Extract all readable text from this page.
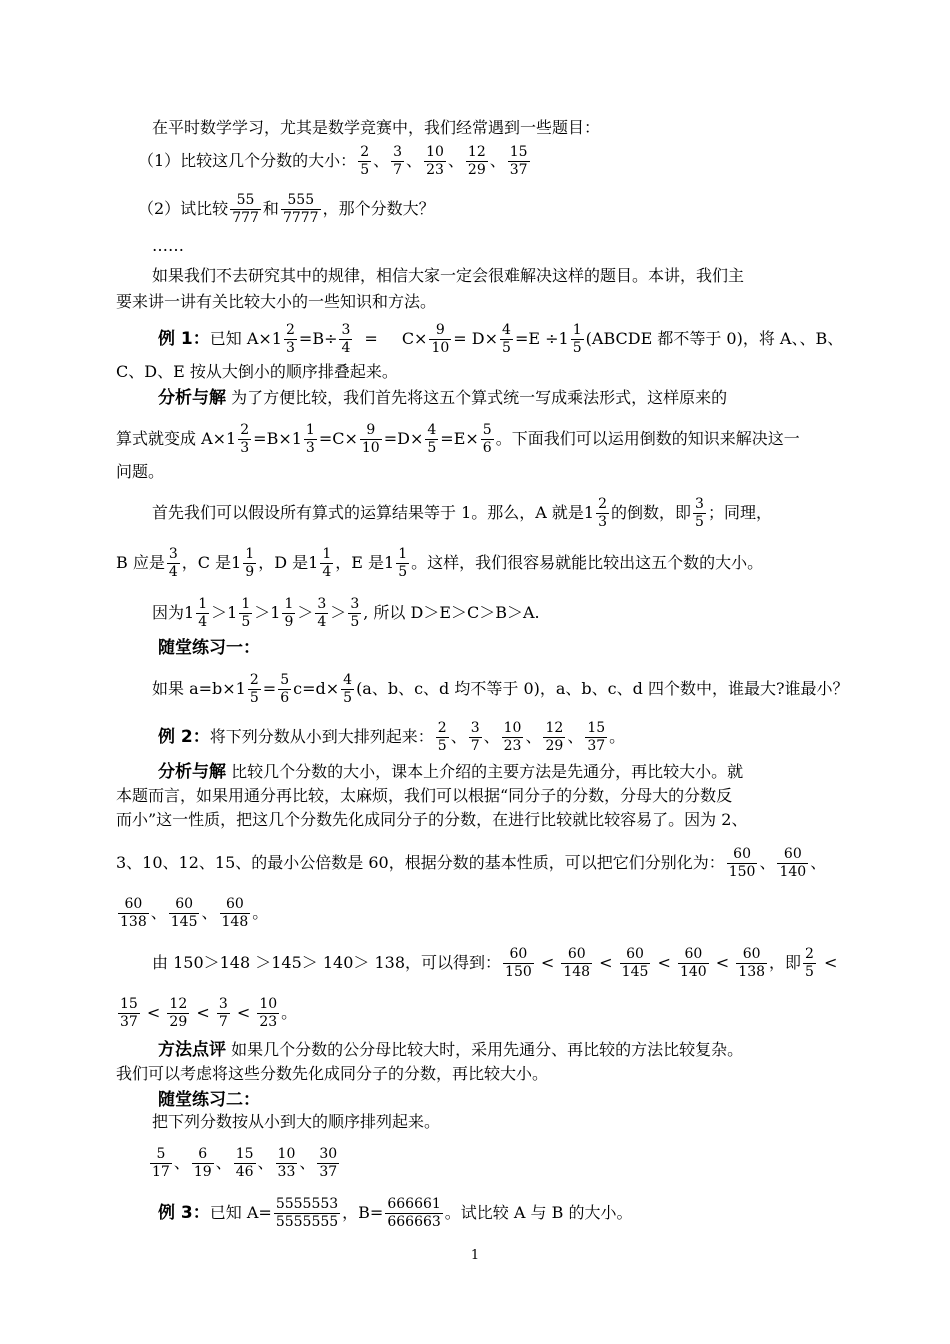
在平时数学学习，尤其是数学竞赛中，我们经常遇到一些题目：
（1）比较这几个分数的大小： $\frac{2}{5}$ 、 $\frac{3}{7}$ 、 $\frac{10}{23}$ 、 $\frac{12}{29}$ 、 $\frac{15}{37}$
（2）试比较 $\frac{55}{777}$ 和 $\frac{555}{7777}$ ，那个分数大？
……
如果我们不去研究其中的规律，相信大家一定会很难解决这样的题目。本讲，我们主
要来讲一讲有关比较大小的一些知识和方法。
例 1：已知 $A\times 1 \frac{2}{3} =B\div \frac{3}{4} = C\times \frac{9}{10} = D\times \frac{4}{5} =E \div 1 \frac{1}{5}$ (ABCDE 都不等于 0)，将 A、、B、
C、D、E 按从大倒小的顺序排叠起来。
分析与解 为了方便比较，我们首先将这五个算式统一写成乘法形式，这样原来的
算式就变成 $A\times 1 \frac{2}{3} =B\times 1 \frac{1}{3} =C\times \frac{9}{10} =D\times \frac{4}{5} =E\times \frac{5}{6}$ 。下面我们可以运用倒数的知识来解决这一
问题。
首先我们可以假设所有算式的运算结果等于 1。那么，A 就是$1 \frac{2}{3}$ 的倒数，即 $\frac{3}{5}$ ；同理，
B 应是 $\frac{3}{4}$ ，C 是$1 \frac{1}{9}$ ，D 是$1 \frac{1}{4}$ ，E 是$1 \frac{1}{5}$ 。这样，我们很容易就能比较出这五个数的大小。
因为$1 \frac{1}{4} >1 \frac{1}{5} >1 \frac{1}{9} > \frac{3}{4} > \frac{3}{5}$ , 所以 D＞E＞C＞B＞A.
随堂练习一：
如果 $a=b\times 1 \frac{2}{5} = \frac{5}{6} c=d\times \frac{4}{5} (a$、b、c、d 均不等于 0)，a、b、c、d 四个数中，谁最大?谁最小？
例 2：将下列分数从小到大排列起来： $\frac{2}{5}$ 、 $\frac{3}{7}$ 、 $\frac{10}{23}$ 、 $\frac{12}{29}$ 、 $\frac{15}{37}$ 。
分析与解 比较几个分数的大小，课本上介绍的主要方法是先通分，再比较大小。就
本题而言，如果用通分再比较，太麻烦，我们可以根据“同分子的分数，分母大的分数反
而小”这一性质，把这几个分数先化成同分子的分数，在进行比较就比较容易了。因为 2、
3、10、12、15、的最小公倍数是 60，根据分数的基本性质，可以把它们分别化为： $\frac{60}{150}$ 、 $\frac{60}{140}$ 、
$\frac{60}{138}$ 、 $\frac{60}{145}$ 、 $\frac{60}{148}$ 。
由 150＞148 ＞145＞ 140＞ 138，可以得到： $\frac{60}{150} < \frac{60}{148} < \frac{60}{145} < \frac{60}{140} < \frac{60}{138}$ ，即 $\frac{2}{5}$ <
$\frac{15}{37} < \frac{12}{29} < \frac{3}{7} < \frac{10}{23}$ 。
方法点评 如果几个分数的公分母比较大时，采用先通分、再比较的方法比较复杂。
我们可以考虑将这些分数先化成同分子的分数，再比较大小。
随堂练习二：
把下列分数按从小到大的顺序排列起来。
$\frac{5}{17}$ 、 $\frac{6}{19}$ 、 $\frac{15}{46}$ 、 $\frac{10}{33}$ 、 $\frac{30}{37}$
例 3：已知 $A= \frac{5555553}{5555555}$ ，$B= \frac{666661}{666663}$ 。试比较 A 与 B 的大小。
1
